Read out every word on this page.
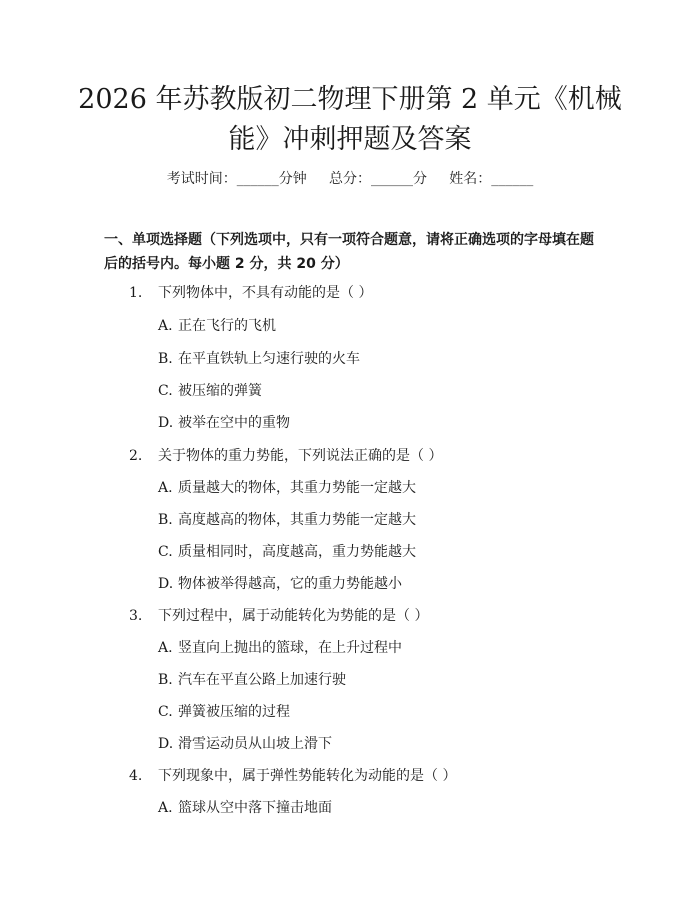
2026 年苏教版初二物理下册第 2 单元《机械
能》冲刺押题及答案
考试时间：______分钟     总分：______分     姓名：______
一、单项选择题（下列选项中，只有一项符合题意，请将正确选项的字母填在题后的括号内。每小题 2 分，共 20 分）
1. 下列物体中，不具有动能的是（ ）
A. 正在飞行的飞机
B. 在平直铁轨上匀速行驶的火车
C. 被压缩的弹簧
D. 被举在空中的重物
2. 关于物体的重力势能，下列说法正确的是（ ）
A. 质量越大的物体，其重力势能一定越大
B. 高度越高的物体，其重力势能一定越大
C. 质量相同时，高度越高，重力势能越大
D. 物体被举得越高，它的重力势能越小
3. 下列过程中，属于动能转化为势能的是（ ）
A. 竖直向上抛出的篮球，在上升过程中
B. 汽车在平直公路上加速行驶
C. 弹簧被压缩的过程
D. 滑雪运动员从山坡上滑下
4. 下列现象中，属于弹性势能转化为动能的是（ ）
A. 篮球从空中落下撞击地面
